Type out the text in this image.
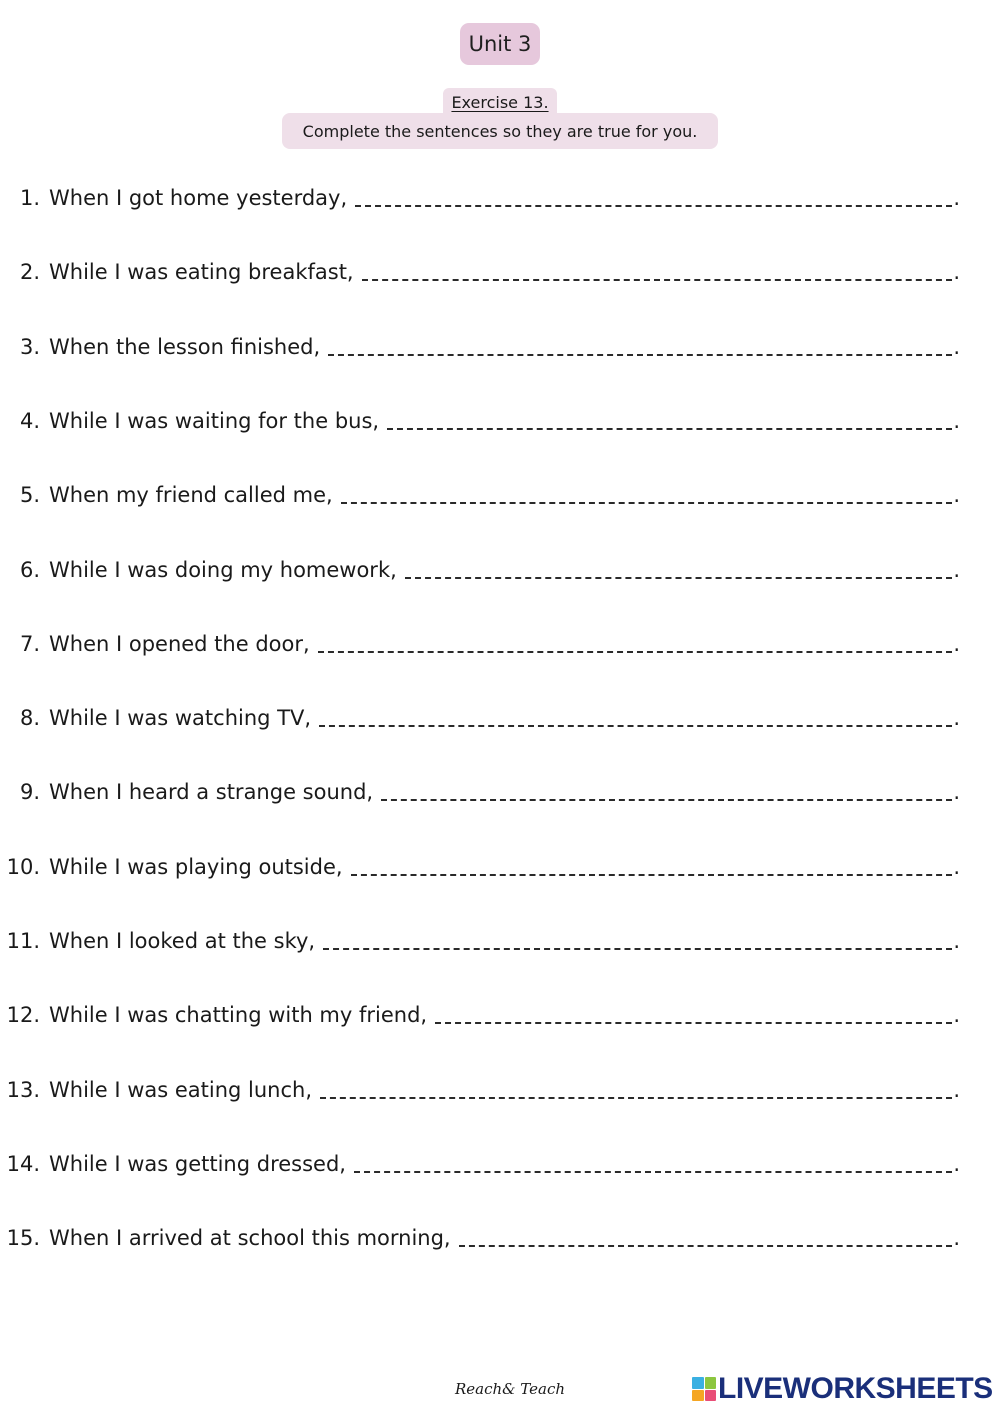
Unit 3
Exercise 13.
Complete the sentences so they are true for you.
1. When I got home yesterday,	.
2. While I was eating breakfast,	.
3. When the lesson finished,	.
4. While I was waiting for the bus,	.
5. When my friend called me,	.
6. While I was doing my homework,	.
7. When I opened the door,	.
8. While I was watching TV,	.
9. When I heard a strange sound,	.
10. While I was playing outside,	.
11. When I looked at the sky,	.
12. While I was chatting with my friend,	.
13. While I was eating lunch,	.
14. While I was getting dressed,	.
15. When I arrived at school this morning,	.
Reach& Teach	LIVEWORKSHEETS
